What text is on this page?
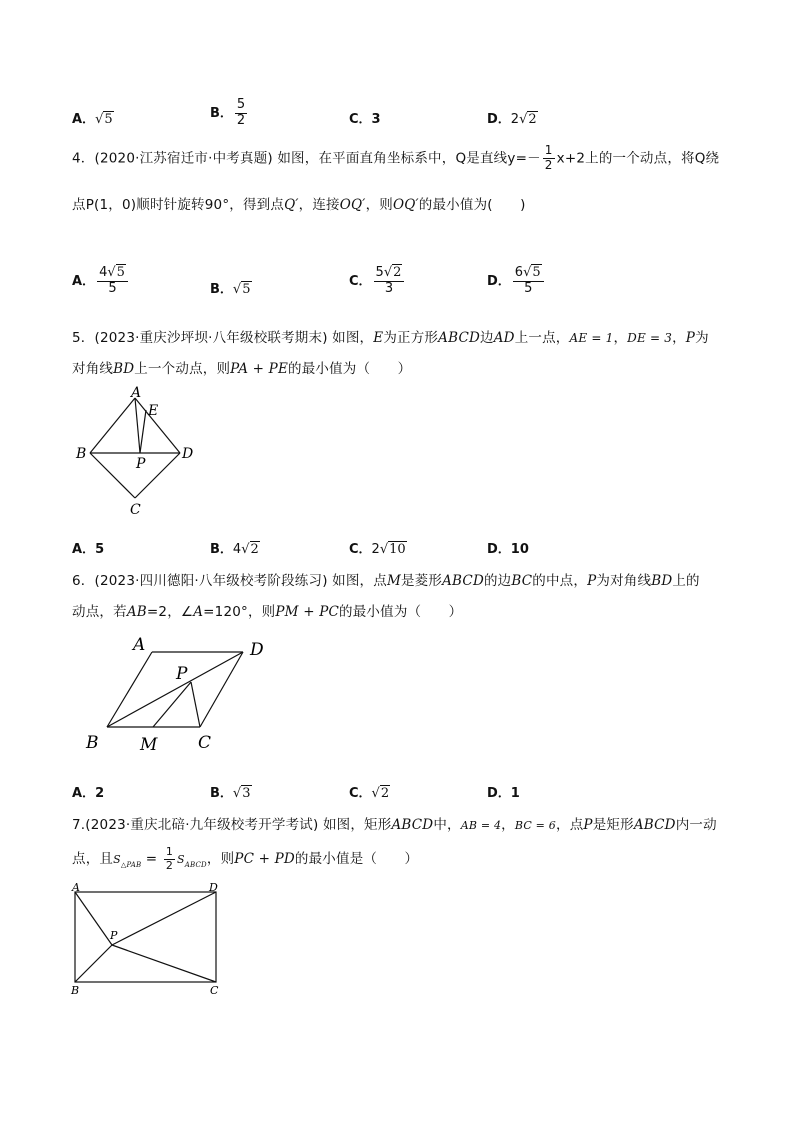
A．√5	B． $\frac{5}{2}$	C．3	D．2√2
4．(2020·江苏宿迁市·中考真题) 如图，在平面直角坐标系中，Q是直线$y=- \frac{1}{2} x+2$上的一个动点，将Q绕
点P(1，0)顺时针旋转90°，得到点Q′，连接OQ′，则OQ′的最小值为(　　)
A． $\frac{4√5}{5}$	B．√5
C． $\frac{5√2}{3}$	D． $\frac{6√5}{5}$
5．(2023·重庆沙坪坝·八年级校联考期末) 如图，E为正方形ABCD边AD上一点，AE = 1，DE = 3，P为
对角线BD上一个动点，则PA + PE的最小值为（　　）
A
E
B	D
P
C
A．5	B．4√2	C．2√10	D．10
6．(2023·四川德阳·八年级校考阶段练习) 如图，点M是菱形ABCD的边BC的中点，P为对角线BD上的
动点，若AB=2，∠A=120°，则PM + PC的最小值为（　　）
A	D
P
B M C
A．2	B．√3	C．√2	D．1
7.(2023·重庆北碚·九年级校考开学考试) 如图，矩形ABCD中，AB = 4，BC = 6，点P是矩形ABCD内一动
点，且$S_{\triangle PAB} = \frac{1}{2} S_{ABCD}$，则PC + PD的最小值是（　　）
A	D
P
B	C
